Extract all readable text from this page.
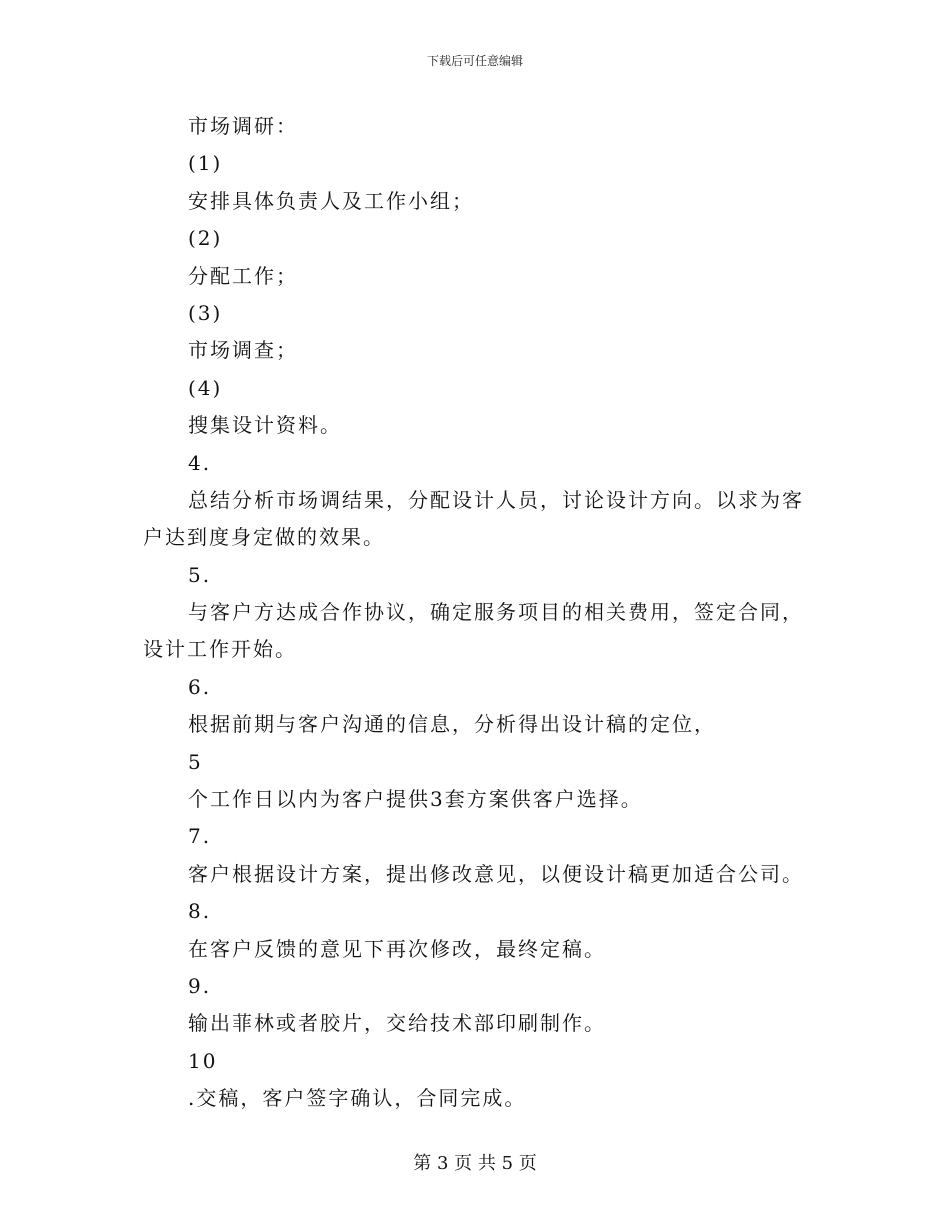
下载后可任意编辑
市场调研：
(1)
安排具体负责人及工作小组；
(2)
分配工作；
(3)
市场调查；
(4)
搜集设计资料。
4.
总结分析市场调结果，分配设计人员，讨论设计方向。以求为客
户达到度身定做的效果。
5.
与客户方达成合作协议，确定服务项目的相关费用，签定合同，
设计工作开始。
6.
根据前期与客户沟通的信息，分析得出设计稿的定位，
5
个工作日以内为客户提供3套方案供客户选择。
7.
客户根据设计方案，提出修改意见，以便设计稿更加适合公司。
8.
在客户反馈的意见下再次修改，最终定稿。
9.
输出菲林或者胶片，交给技术部印刷制作。
10
.交稿，客户签字确认，合同完成。
第 3 页 共 5 页
